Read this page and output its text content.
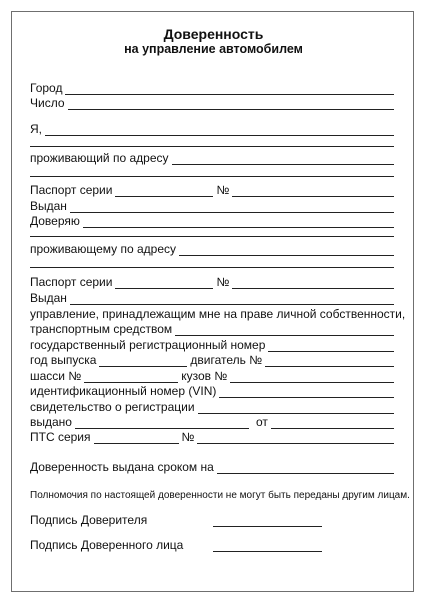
Доверенность
на управление автомобилем
Город
Число
Я,
проживающий по адресу
Паспорт серии	№
Выдан
Доверяю
проживающему по адресу
Паспорт серии	№
Выдан
управление, принадлежащим мне на праве личной собственности,
транспортным средством
государственный регистрационный номер
год выпуска	двигатель №
шасси №	кузов №
идентификационный номер (VIN)
свидетельство о регистрации
выдано	от
ПТС серия	№
Доверенность выдана сроком на
Полномочия по настоящей доверенности не могут быть переданы другим лицам.
Подпись Доверителя
Подпись Доверенного лица
